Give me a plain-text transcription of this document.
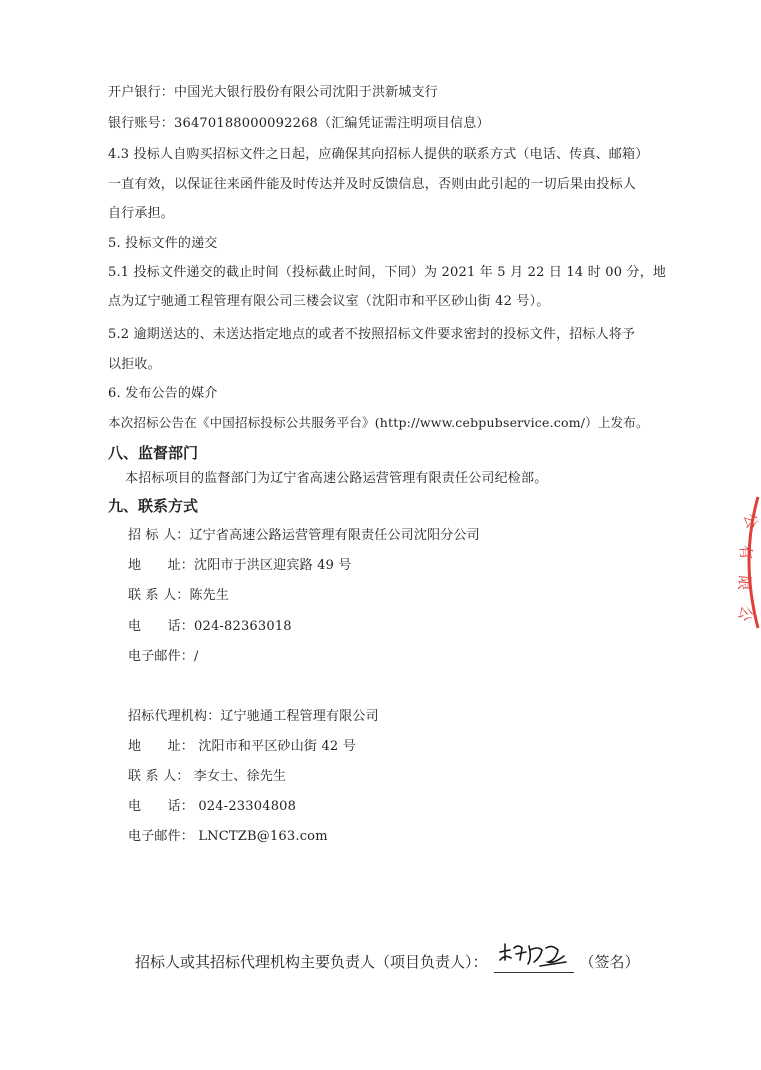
开户银行：中国光大银行股份有限公司沈阳于洪新城支行
银行账号：36470188000092268（汇编凭证需注明项目信息）
4.3 投标人自购买招标文件之日起，应确保其向招标人提供的联系方式（电话、传真、邮箱）
一直有效，以保证往来函件能及时传达并及时反馈信息，否则由此引起的一切后果由投标人
自行承担。
5. 投标文件的递交
5.1 投标文件递交的截止时间（投标截止时间，下同）为 2021 年 5 月 22 日 14 时 00 分，地
点为辽宁驰通工程管理有限公司三楼会议室（沈阳市和平区砂山街 42 号）。
5.2 逾期送达的、未送达指定地点的或者不按照招标文件要求密封的投标文件，招标人将予
以拒收。
6. 发布公告的媒介
本次招标公告在《中国招标投标公共服务平台》(http://www.cebpubservice.com/）上发布。
八、监督部门
本招标项目的监督部门为辽宁省高速公路运营管理有限责任公司纪检部。
九、联系方式
招 标 人：辽宁省高速公路运营管理有限责任公司沈阳分公司
地　　址：沈阳市于洪区迎宾路 49 号
联 系 人：陈先生
电　　话：024-82363018
电子邮件：/
招标代理机构：辽宁驰通工程管理有限公司
地　　址： 沈阳市和平区砂山街 42 号
联 系 人： 李女士、徐先生
电　　话： 024-23304808
电子邮件： LNCTZB@163.com
公
有
限
公
招标人或其招标代理机构主要负责人（项目负责人）：	（签名）
